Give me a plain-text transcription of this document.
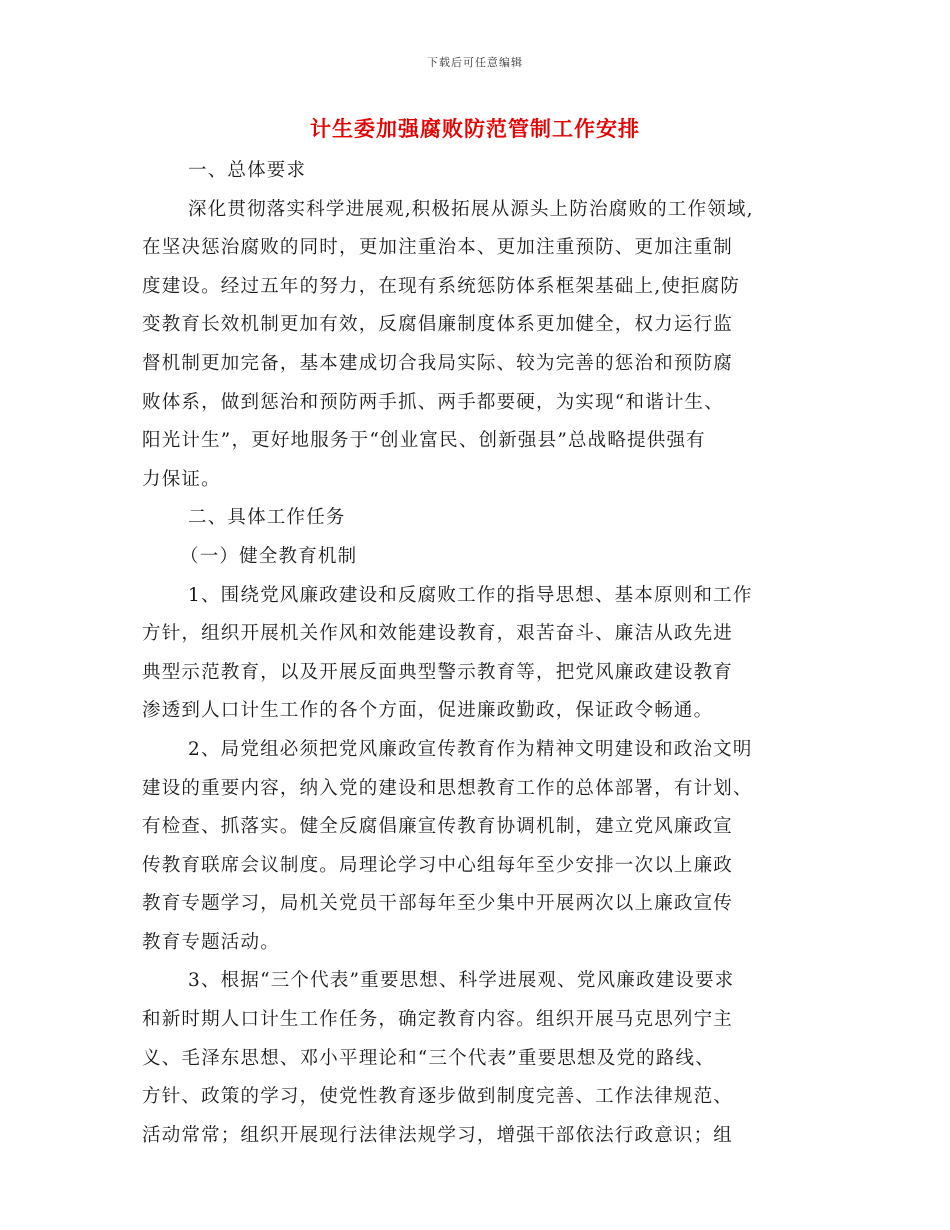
下载后可任意编辑
计生委加强腐败防范管制工作安排
一、总体要求
深化贯彻落实科学进展观,积极拓展从源头上防治腐败的工作领域,
在坚决惩治腐败的同时，更加注重治本、更加注重预防、更加注重制
度建设。经过五年的努力，在现有系统惩防体系框架基础上,使拒腐防
变教育长效机制更加有效，反腐倡廉制度体系更加健全，权力运行监
督机制更加完备，基本建成切合我局实际、较为完善的惩治和预防腐
败体系，做到惩治和预防两手抓、两手都要硬，为实现“和谐计生、
阳光计生”，更好地服务于“创业富民、创新强县”总战略提供强有
力保证。
二、具体工作任务
（一）健全教育机制
1、围绕党风廉政建设和反腐败工作的指导思想、基本原则和工作
方针，组织开展机关作风和效能建设教育，艰苦奋斗、廉洁从政先进
典型示范教育，以及开展反面典型警示教育等，把党风廉政建设教育
渗透到人口计生工作的各个方面，促进廉政勤政，保证政令畅通。
2、局党组必须把党风廉政宣传教育作为精神文明建设和政治文明
建设的重要内容，纳入党的建设和思想教育工作的总体部署，有计划、
有检查、抓落实。健全反腐倡廉宣传教育协调机制，建立党风廉政宣
传教育联席会议制度。局理论学习中心组每年至少安排一次以上廉政
教育专题学习，局机关党员干部每年至少集中开展两次以上廉政宣传
教育专题活动。
3、根据“三个代表”重要思想、科学进展观、党风廉政建设要求
和新时期人口计生工作任务，确定教育内容。组织开展马克思列宁主
义、毛泽东思想、邓小平理论和“三个代表”重要思想及党的路线、
方针、政策的学习，使党性教育逐步做到制度完善、工作法律规范、
活动常常；组织开展现行法律法规学习，增强干部依法行政意识；组
